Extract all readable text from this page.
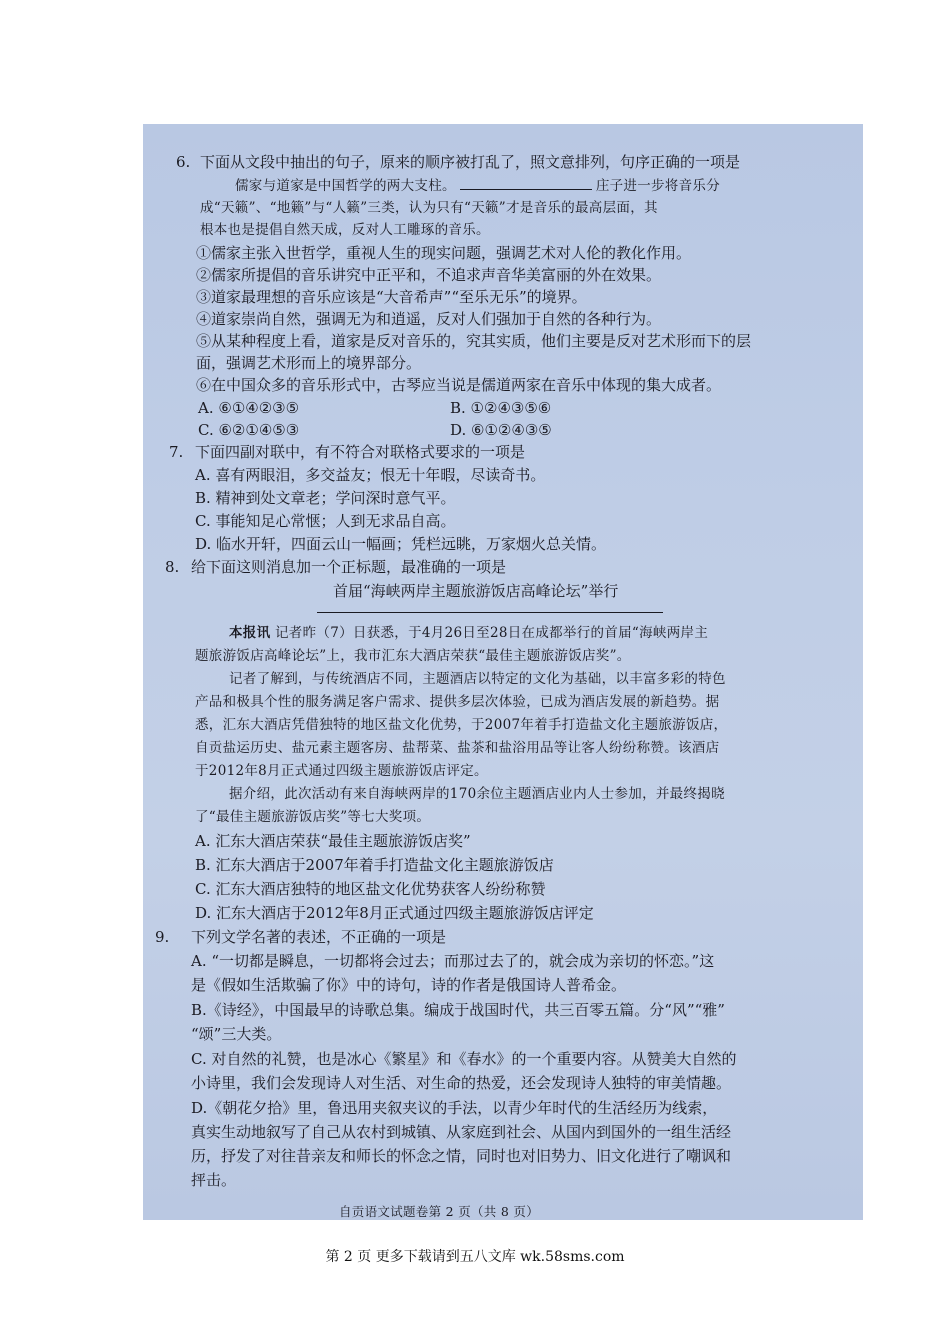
6. 下面从文段中抽出的句子，原来的顺序被打乱了，照文意排列，句序正确的一项是
儒家与道家是中国哲学的两大支柱。	庄子进一步将音乐分
成“天籁”、“地籁”与“人籁”三类，认为只有“天籁”才是音乐的最高层面，其
根本也是提倡自然天成，反对人工雕琢的音乐。
①儒家主张入世哲学，重视人生的现实问题，强调艺术对人伦的教化作用。
②儒家所提倡的音乐讲究中正平和，不追求声音华美富丽的外在效果。
③道家最理想的音乐应该是“大音希声”“至乐无乐”的境界。
④道家崇尚自然，强调无为和逍遥，反对人们强加于自然的各种行为。
⑤从某种程度上看，道家是反对音乐的，究其实质，他们主要是反对艺术形而下的层
面，强调艺术形而上的境界部分。
⑥在中国众多的音乐形式中，古琴应当说是儒道两家在音乐中体现的集大成者。
A. ⑥①④②③⑤	B. ①②④③⑤⑥
C. ⑥②①④⑤③	D. ⑥①②④③⑤
7. 下面四副对联中，有不符合对联格式要求的一项是
A. 喜有两眼泪，多交益友；恨无十年暇，尽读奇书。
B. 精神到处文章老；学问深时意气平。
C. 事能知足心常惬；人到无求品自高。
D. 临水开轩，四面云山一幅画；凭栏远眺，万家烟火总关情。
8. 给下面这则消息加一个正标题，最准确的一项是
首届“海峡两岸主题旅游饭店高峰论坛”举行
本报讯 记者昨（7）日获悉，于4月26日至28日在成都举行的首届“海峡两岸主
题旅游饭店高峰论坛”上，我市汇东大酒店荣获“最佳主题旅游饭店奖”。
记者了解到，与传统酒店不同，主题酒店以特定的文化为基础，以丰富多彩的特色
产品和极具个性的服务满足客户需求、提供多层次体验，已成为酒店发展的新趋势。据
悉，汇东大酒店凭借独特的地区盐文化优势，于2007年着手打造盐文化主题旅游饭店，
自贡盐运历史、盐元素主题客房、盐帮菜、盐茶和盐浴用品等让客人纷纷称赞。该酒店
于2012年8月正式通过四级主题旅游饭店评定。
据介绍，此次活动有来自海峡两岸的170余位主题酒店业内人士参加，并最终揭晓
了“最佳主题旅游饭店奖”等七大奖项。
A. 汇东大酒店荣获“最佳主题旅游饭店奖”
B. 汇东大酒店于2007年着手打造盐文化主题旅游饭店
C. 汇东大酒店独特的地区盐文化优势获客人纷纷称赞
D. 汇东大酒店于2012年8月正式通过四级主题旅游饭店评定
9. 下列文学名著的表述，不正确的一项是
A. “一切都是瞬息，一切都将会过去；而那过去了的，就会成为亲切的怀恋。”这
是《假如生活欺骗了你》中的诗句，诗的作者是俄国诗人普希金。
B.《诗经》，中国最早的诗歌总集。编成于战国时代，共三百零五篇。分“风”“雅”
“颂”三大类。
C. 对自然的礼赞，也是冰心《繁星》和《春水》的一个重要内容。从赞美大自然的
小诗里，我们会发现诗人对生活、对生命的热爱，还会发现诗人独特的审美情趣。
D.《朝花夕拾》里，鲁迅用夹叙夹议的手法，以青少年时代的生活经历为线索，
真实生动地叙写了自己从农村到城镇、从家庭到社会、从国内到国外的一组生活经
历，抒发了对往昔亲友和师长的怀念之情，同时也对旧势力、旧文化进行了嘲讽和
抨击。
自贡语文试题卷第 2 页（共 8 页）
第 2 页 更多下载请到五八文库 wk.58sms.com
